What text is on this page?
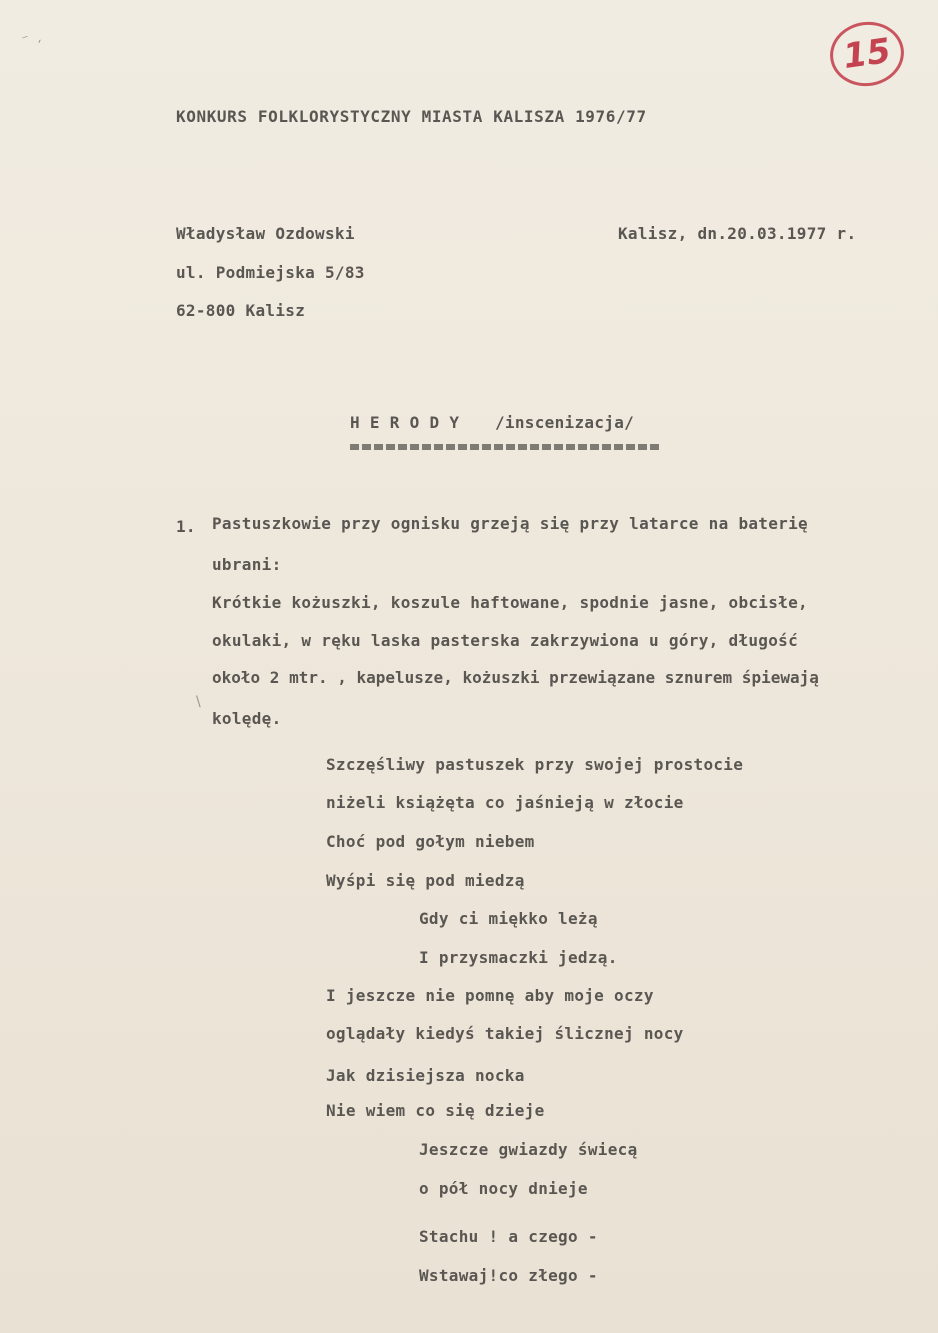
15
⁻ ˏ
\
KONKURS FOLKLORYSTYCZNY MIASTA KALISZA 1976/77
Władysław Ozdowski
ul. Podmiejska 5/83
62-800 Kalisz
Kalisz, dn.20.03.1977 r.
H E R O D Y /inscenizacja/
1. Pastuszkowie przy ognisku grzeją się przy latarce na baterię
ubrani:
Krótkie kożuszki, koszule haftowane, spodnie jasne, obcisłe,
okulaki, w ręku laska pasterska zakrzywiona u góry, długość
około 2 mtr. , kapelusze, kożuszki przewiązane sznurem śpiewają
kolędę.
Szczęśliwy pastuszek przy swojej prostocie
niżeli książęta co jaśnieją w złocie
Choć pod gołym niebem
Wyśpi się pod miedzą
Gdy ci miękko leżą
I przysmaczki jedzą.
I jeszcze nie pomnę aby moje oczy
oglądały kiedyś takiej ślicznej nocy
Jak dzisiejsza nocka
Nie wiem co się dzieje
Jeszcze gwiazdy świecą
o pół nocy dnieje
Stachu ! a czego -
Wstawaj!co złego -
